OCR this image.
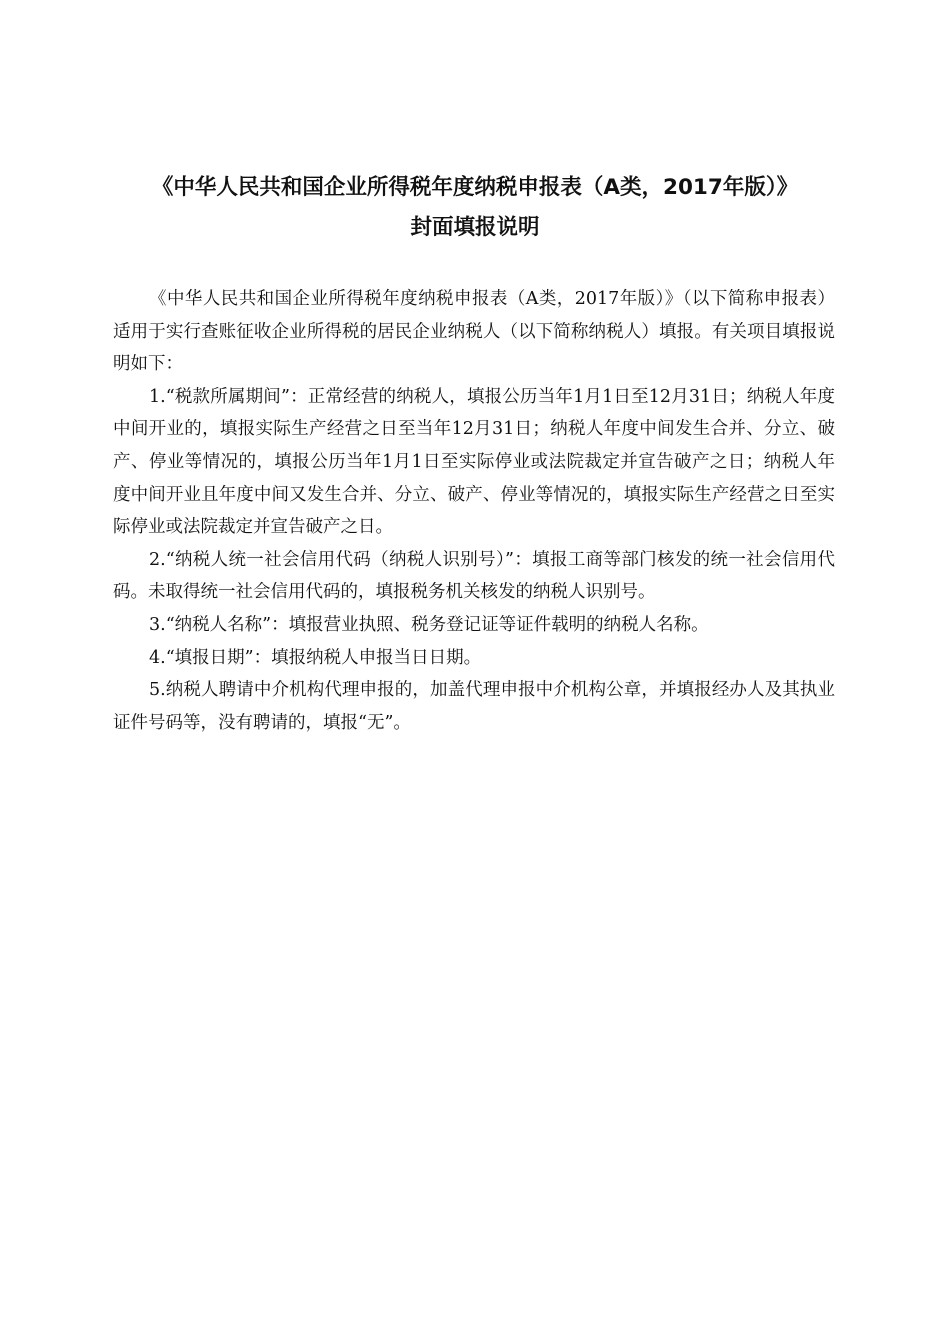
《中华人民共和国企业所得税年度纳税申报表（A类，2017年版）》
封面填报说明

《中华人民共和国企业所得税年度纳税申报表（A类，2017年版）》（以下简称申报表）适用于实行查账征收企业所得税的居民企业纳税人（以下简称纳税人）填报。有关项目填报说明如下：

1.“税款所属期间”：正常经营的纳税人，填报公历当年1月1日至12月31日；纳税人年度中间开业的，填报实际生产经营之日至当年12月31日；纳税人年度中间发生合并、分立、破产、停业等情况的，填报公历当年1月1日至实际停业或法院裁定并宣告破产之日；纳税人年度中间开业且年度中间又发生合并、分立、破产、停业等情况的，填报实际生产经营之日至实际停业或法院裁定并宣告破产之日。

2.“纳税人统一社会信用代码（纳税人识别号）”：填报工商等部门核发的统一社会信用代码。未取得统一社会信用代码的，填报税务机关核发的纳税人识别号。

3.“纳税人名称”：填报营业执照、税务登记证等证件载明的纳税人名称。

4.“填报日期”：填报纳税人申报当日日期。

5.纳税人聘请中介机构代理申报的，加盖代理申报中介机构公章，并填报经办人及其执业证件号码等，没有聘请的，填报“无”。
